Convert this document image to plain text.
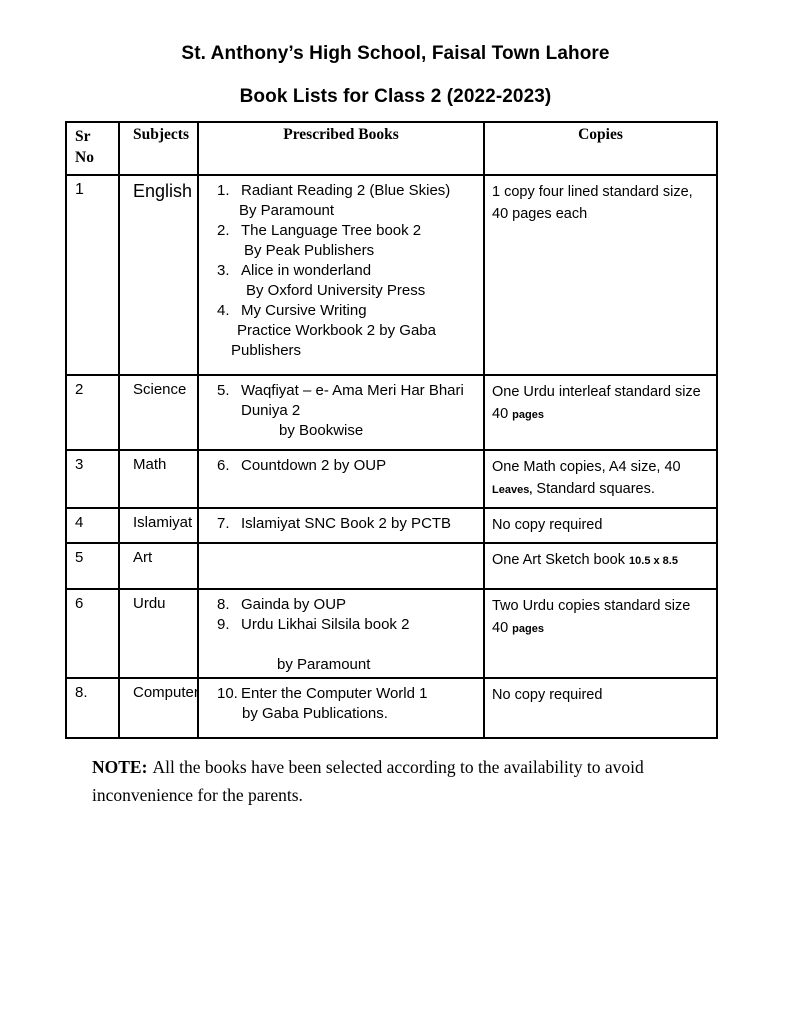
St. Anthony’s High School, Faisal Town Lahore
Book Lists for Class 2 (2022-2023)
Sr
No	Subjects	Prescribed Books	Copies
1	English	1. Radiant Reading 2 (Blue Skies)
By Paramount
2. The Language Tree book 2
By Peak Publishers
3. Alice in wonderland
By Oxford University Press
4. My Cursive Writing
Practice Workbook 2 by Gaba
Publishers
	1 copy four lined standard size, 40 pages each
2	Science	5. Waqfiyat – e- Ama Meri Har Bhari
Duniya 2
by Bookwise	One Urdu interleaf standard size 40 pages
3	Math	6. Countdown 2 by OUP	One Math copies, A4 size, 40 Leaves, Standard squares.
4	Islamiyat	7. Islamiyat SNC Book 2 by PCTB	No copy required
5	Art		One Art Sketch book 10.5 x 8.5
6	Urdu	8. Gainda by OUP
9. Urdu Likhai Silsila book 2
by Paramount	Two Urdu copies standard size 40 pages
8.	Computer	10. Enter the Computer World 1
by Gaba Publications.	No copy required

NOTE: All the books have been selected according to the availability to avoid inconvenience for the parents.
